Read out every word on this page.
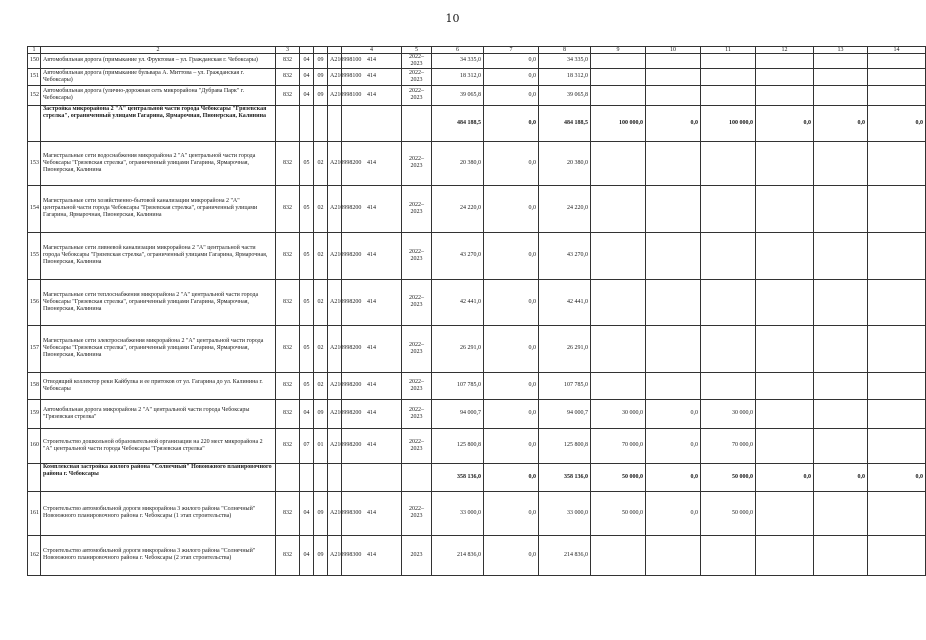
10
1	2	3				4	5	6	7	8	9	10	11	12	13	14
150	Автомобильная дорога (примыкание ул. Фруктовая – ул. Гражданская г. Чебоксары)	832	04	09	А210998100	414	2022–2023	34 335,0	0,0	34 335,0						
151	Автомобильная дорога (примыкание бульвара А. Миттова – ул. Гражданская г. Чебоксары)	832	04	09	А210998100	414	2022–2023	18 312,0	0,0	18 312,0						
152	Автомобильная дорога (улично-дорожная сеть микрорайона "Дубрава Парк" г. Чебоксары)	832	04	09	А210998100	414	2022–2023	39 065,8	0,0	39 065,8						
	Застройка микрорайона 2 "А" центральной части города Чебоксары "Грязевская стрелка", ограниченный улицами Гагарина, Ярмарочная, Пионерская, Калинина							484 188,5	0,0	484 188,5	100 000,0	0,0	100 000,0	0,0	0,0	0,0
153	Магистральные сети водоснабжения микрорайона 2 "А" центральной части города Чебоксары "Грязевская стрелка", ограниченный улицами Гагарина, Ярмарочная, Пионерская, Калинина	832	05	02	А210998200	414	2022–2023	20 380,0	0,0	20 380,0						
154	Магистральные сети хозяйственно-бытовой канализации микрорайона 2 "А" центральной части города Чебоксары "Грязевская стрелка", ограниченный улицами Гагарина, Ярмарочная, Пионерская, Калинина	832	05	02	А210998200	414	2022–2023	24 220,0	0,0	24 220,0						
155	Магистральные сети ливневой канализации микрорайона 2 "А" центральной части города Чебоксары "Грязевская стрелка", ограниченный улицами Гагарина, Ярмарочная, Пионерская, Калинина	832	05	02	А210998200	414	2022–2023	43 270,0	0,0	43 270,0						
156	Магистральные сети теплоснабжения микрорайона 2 "А" центральной части города Чебоксары "Грязевская стрелка", ограниченный улицами Гагарина, Ярмарочная, Пионерская, Калинина	832	05	02	А210998200	414	2022–2023	42 441,0	0,0	42 441,0						
157	Магистральные сети электроснабжения микрорайона 2 "А" центральной части города Чебоксары "Грязевская стрелка", ограниченный улицами Гагарина, Ярмарочная, Пионерская, Калинина	832	05	02	А210998200	414	2022–2023	26 291,0	0,0	26 291,0						
158	Отводящий коллектор реки Кайбулка и ее притоков от ул. Гагарина до ул. Калинина г. Чебоксары	832	05	02	А210998200	414	2022–2023	107 785,0	0,0	107 785,0						
159	Автомобильная дорога микрорайона 2 "А" центральной части города Чебоксары "Грязевская стрелка"	832	04	09	А210998200	414	2022–2023	94 000,7	0,0	94 000,7	30 000,0	0,0	30 000,0			
160	Строительство дошкольной образовательной организации на 220 мест микрорайона 2 "А" центральной части города Чебоксары "Грязевская стрелка"	832	07	01	А210998200	414	2022–2023	125 800,8	0,0	125 800,8	70 000,0	0,0	70 000,0			
	Комплексная застройка жилого района "Солнечный" Новоюжного планировочного района г. Чебоксары							358 136,0	0,0	358 136,0	50 000,0	0,0	50 000,0	0,0	0,0	0,0
161	Строительство автомобильной дороги микрорайона 3 жилого района "Солнечный" Новоюжного планировочного района г. Чебоксары (1 этап строительства)	832	04	09	А210998300	414	2022–2023	33 000,0	0,0	33 000,0	50 000,0	0,0	50 000,0			
162	Строительство автомобильной дороги микрорайона 3 жилого района "Солнечный" Новоюжного планировочного района г. Чебоксары (2 этап строительства)	832	04	09	А210998300	414	2023	214 836,0	0,0	214 836,0						
